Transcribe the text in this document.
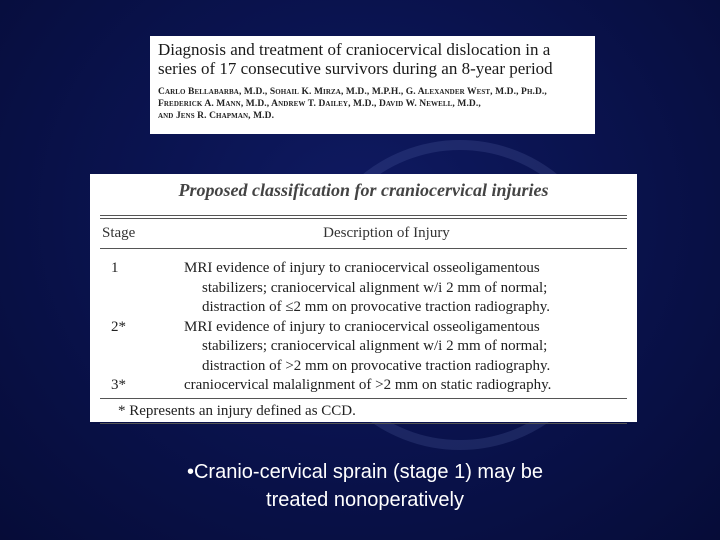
Diagnosis and treatment of craniocervical dislocation in a series of 17 consecutive survivors during an 8-year period

Carlo Bellabarba, M.D., Sohail K. Mirza, M.D., M.P.H., G. Alexander West, M.D., Ph.D.,
Frederick A. Mann, M.D., Andrew T. Dailey, M.D., David W. Newell, M.D.,
and Jens R. Chapman, M.D.

Proposed classification for craniocervical injuries

Stage	Description of Injury
1	MRI evidence of injury to craniocervical osseoligamentous
stabilizers; craniocervical alignment w/i 2 mm of normal;
distraction of ≤2 mm on provocative traction radiography.
2*	MRI evidence of injury to craniocervical osseoligamentous
stabilizers; craniocervical alignment w/i 2 mm of normal;
distraction of >2 mm on provocative traction radiography.
3*	craniocervical malalignment of >2 mm on static radiography.
* Represents an injury defined as CCD.
•Cranio-cervical sprain (stage 1) may be
treated nonoperatively
